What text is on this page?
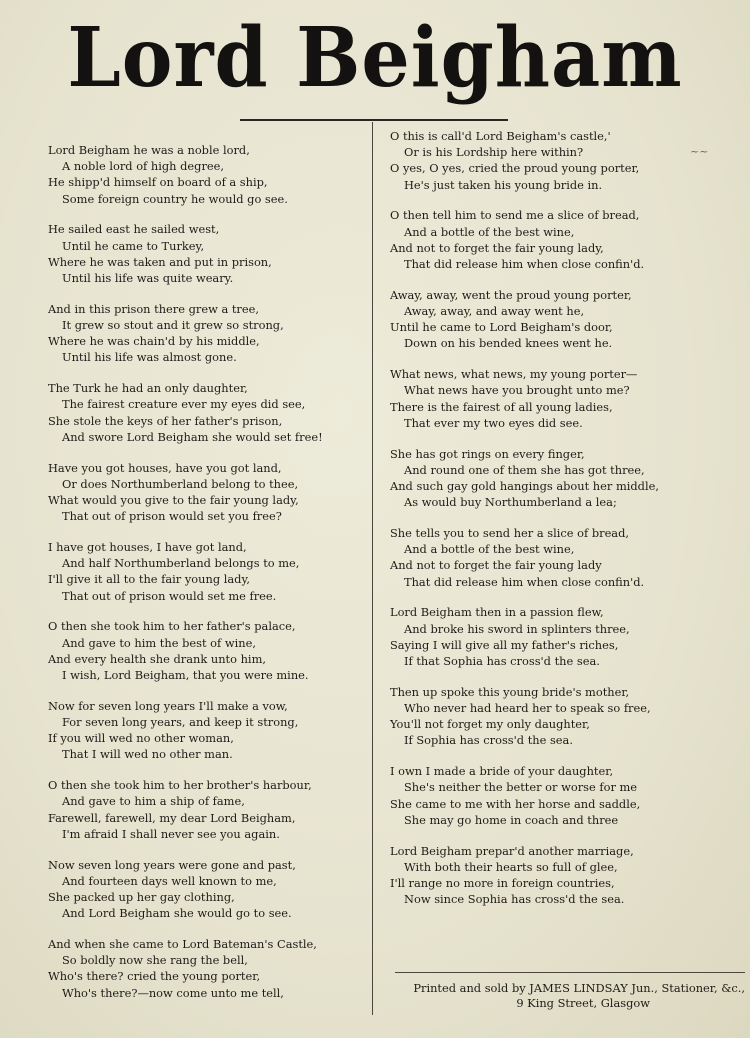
Lord Beigham
~~
Lord Beigham he was a noble lord,
A noble lord of high degree,
He shipp'd himself on board of a ship,
Some foreign country he would go see.
He sailed east he sailed west,
Until he came to Turkey,
Where he was taken and put in prison,
Until his life was quite weary.
And in this prison there grew a tree,
It grew so stout and it grew so strong,
Where he was chain'd by his middle,
Until his life was almost gone.
The Turk he had an only daughter,
The fairest creature ever my eyes did see,
She stole the keys of her father's prison,
And swore Lord Beigham she would set free!
Have you got houses, have you got land,
Or does Northumberland belong to thee,
What would you give to the fair young lady,
That out of prison would set you free?
I have got houses, I have got land,
And half Northumberland belongs to me,
I'll give it all to the fair young lady,
That out of prison would set me free.
O then she took him to her father's palace,
And gave to him the best of wine,
And every health she drank unto him,
I wish, Lord Beigham, that you were mine.
Now for seven long years I'll make a vow,
For seven long years, and keep it strong,
If you will wed no other woman,
That I will wed no other man.
O then she took him to her brother's harbour,
And gave to him a ship of fame,
Farewell, farewell, my dear Lord Beigham,
I'm afraid I shall never see you again.
Now seven long years were gone and past,
And fourteen days well known to me,
She packed up her gay clothing,
And Lord Beigham she would go to see.
And when she came to Lord Bateman's Castle,
So boldly now she rang the bell,
Who's there? cried the young porter,
Who's there?—now come unto me tell,
O this is call'd Lord Beigham's castle,'
Or is his Lordship here within?
O yes, O yes, cried the proud young porter,
He's just taken his young bride in.
O then tell him to send me a slice of bread,
And a bottle of the best wine,
And not to forget the fair young lady,
That did release him when close confin'd.
Away, away, went the proud young porter,
Away, away, and away went he,
Until he came to Lord Beigham's door,
Down on his bended knees went he.
What news, what news, my young porter—
What news have you brought unto me?
There is the fairest of all young ladies,
That ever my two eyes did see.
She has got rings on every finger,
And round one of them she has got three,
And such gay gold hangings about her middle,
As would buy Northumberland a lea;
She tells you to send her a slice of bread,
And a bottle of the best wine,
And not to forget the fair young lady
That did release him when close confin'd.
Lord Beigham then in a passion flew,
And broke his sword in splinters three,
Saying I will give all my father's riches,
If that Sophia has cross'd the sea.
Then up spoke this young bride's mother,
Who never had heard her to speak so free,
You'll not forget my only daughter,
If Sophia has cross'd the sea.
I own I made a bride of your daughter,
She's neither the better or worse for me
She came to me with her horse and saddle,
She may go home in coach and three
Lord Beigham prepar'd another marriage,
With both their hearts so full of glee,
I'll range no more in foreign countries,
Now since Sophia has cross'd the sea.
Printed and sold by JAMES LINDSAY Jun., Stationer, &c.,
9 King Street, Glasgow
